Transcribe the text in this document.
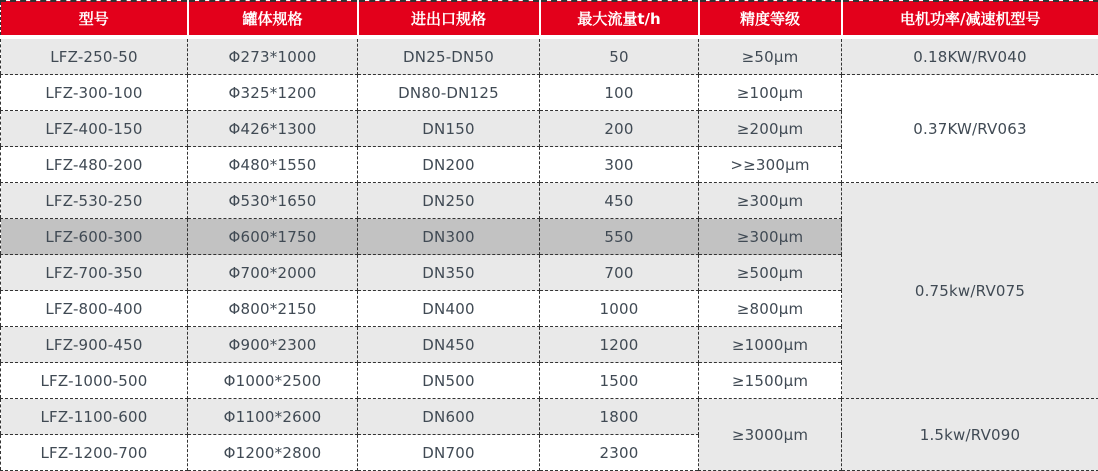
型号	罐体规格	进出口规格	最大流量t/h	精度等级	电机功率/减速机型号
LFZ-250-50	Φ273*1000	DN25-DN50	50	≥50μm	0.18KW/RV040
LFZ-300-100	Φ325*1200	DN80-DN125	100	≥100μm	0.37KW/RV063
LFZ-400-150	Φ426*1300	DN150	200	≥200μm	
LFZ-480-200	Φ480*1550	DN200	300	>≥300μm	
LFZ-530-250	Φ530*1650	DN250	450	≥300μm	0.75kw/RV075
LFZ-600-300	Φ600*1750	DN300	550	≥300μm	
LFZ-700-350	Φ700*2000	DN350	700	≥500μm	
LFZ-800-400	Φ800*2150	DN400	1000	≥800μm	
LFZ-900-450	Φ900*2300	DN450	1200	≥1000μm	
LFZ-1000-500	Φ1000*2500	DN500	1500	≥1500μm	
LFZ-1100-600	Φ1100*2600	DN600	1800	≥3000μm	1.5kw/RV090
LFZ-1200-700	Φ1200*2800	DN700	2300		
